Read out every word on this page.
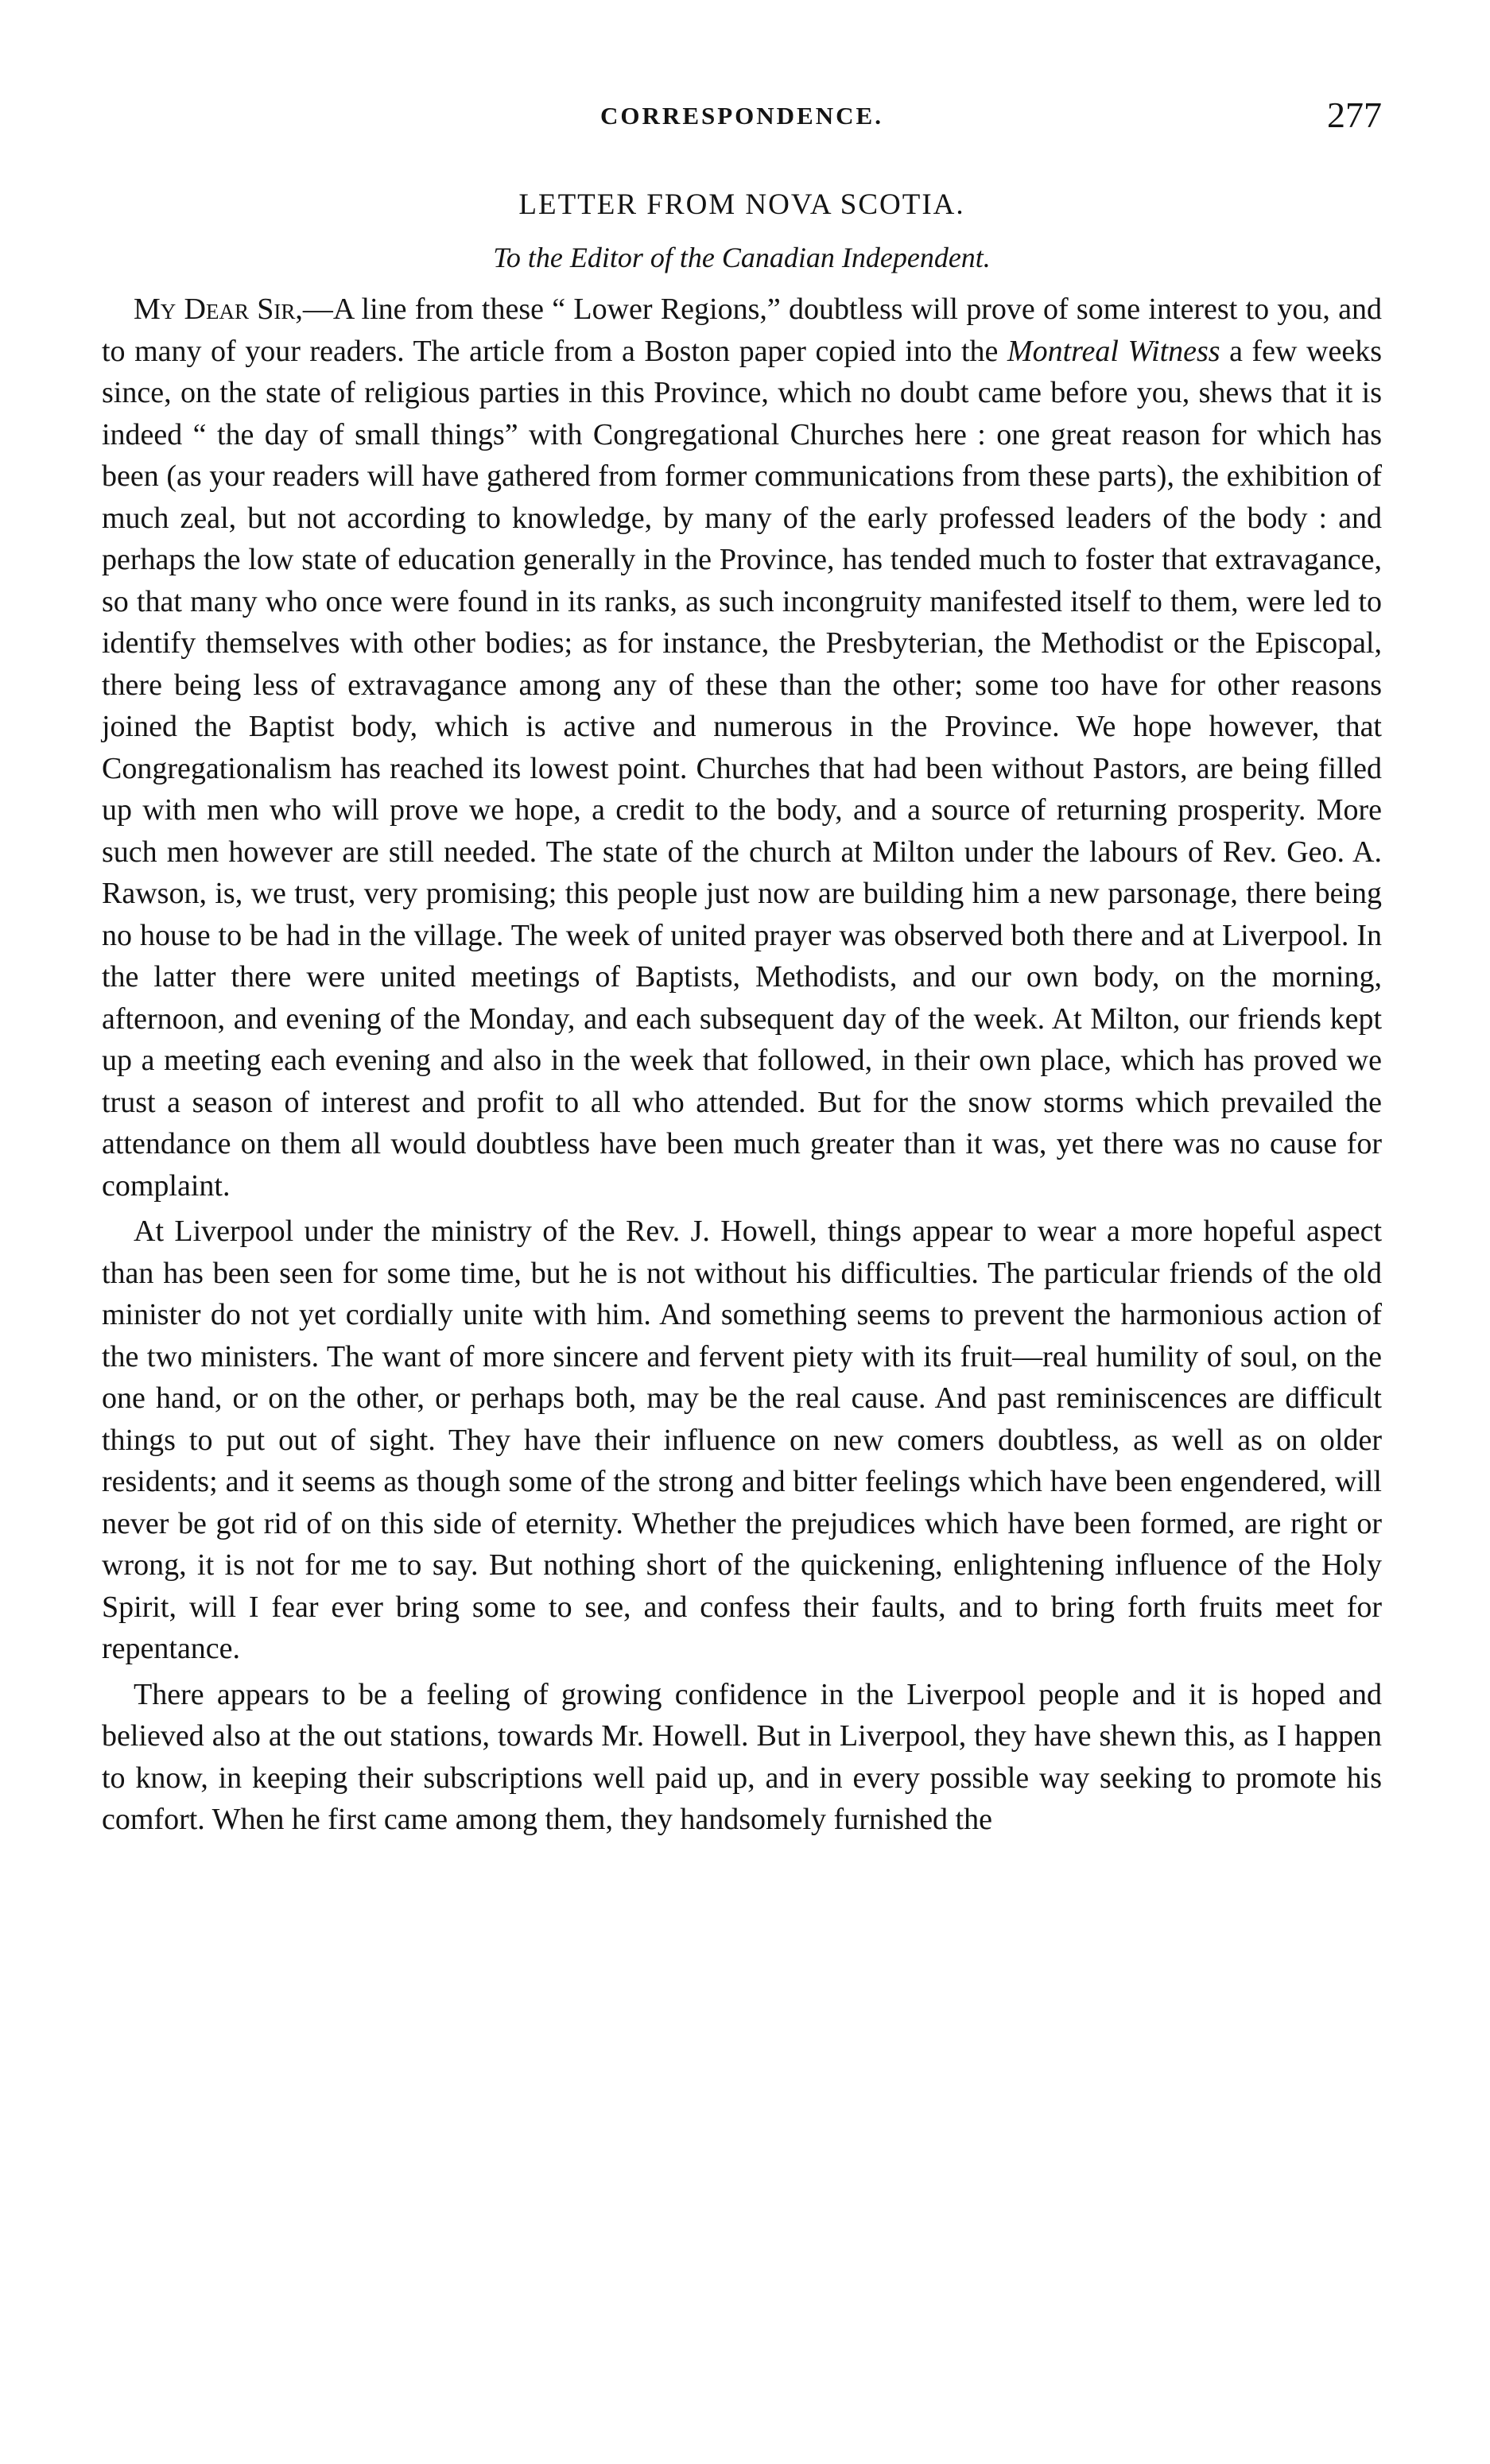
CORRESPONDENCE.	277
LETTER FROM NOVA SCOTIA.
To the Editor of the Canadian Independent.

My Dear Sir,—A line from these “ Lower Regions,” doubtless will prove of some interest to you, and to many of your readers. The article from a Boston paper copied into the Montreal Witness a few weeks since, on the state of religious parties in this Province, which no doubt came before you, shews that it is indeed “ the day of small things” with Congregational Churches here : one great reason for which has been (as your readers will have gathered from former communications from these parts), the exhibition of much zeal, but not according to knowledge, by many of the early professed leaders of the body : and perhaps the low state of education generally in the Province, has tended much to foster that extravagance, so that many who once were found in its ranks, as such incongruity manifested itself to them, were led to identify themselves with other bodies; as for instance, the Presbyterian, the Methodist or the Episcopal, there being less of extravagance among any of these than the other; some too have for other reasons joined the Baptist body, which is active and numerous in the Province. We hope however, that Congregationalism has reached its lowest point. Churches that had been without Pastors, are being filled up with men who will prove we hope, a credit to the body, and a source of returning prosperity. More such men however are still needed. The state of the church at Milton under the labours of Rev. Geo. A. Rawson, is, we trust, very promising; this people just now are building him a new parsonage, there being no house to be had in the village. The week of united prayer was observed both there and at Liverpool. In the latter there were united meetings of Baptists, Methodists, and our own body, on the morning, afternoon, and evening of the Monday, and each subsequent day of the week. At Milton, our friends kept up a meeting each evening and also in the week that followed, in their own place, which has proved we trust a season of interest and profit to all who attended. But for the snow storms which prevailed the attendance on them all would doubtless have been much greater than it was, yet there was no cause for complaint.

At Liverpool under the ministry of the Rev. J. Howell, things appear to wear a more hopeful aspect than has been seen for some time, but he is not without his difficulties. The particular friends of the old minister do not yet cordially unite with him. And something seems to prevent the harmonious action of the two ministers. The want of more sincere and fervent piety with its fruit—real humility of soul, on the one hand, or on the other, or perhaps both, may be the real cause. And past reminiscences are difficult things to put out of sight. They have their influence on new comers doubtless, as well as on older residents; and it seems as though some of the strong and bitter feelings which have been engendered, will never be got rid of on this side of eternity. Whether the prejudices which have been formed, are right or wrong, it is not for me to say. But nothing short of the quickening, enlightening influence of the Holy Spirit, will I fear ever bring some to see, and confess their faults, and to bring forth fruits meet for repentance.

There appears to be a feeling of growing confidence in the Liverpool people and it is hoped and believed also at the out stations, towards Mr. Howell. But in Liverpool, they have shewn this, as I happen to know, in keeping their subscriptions well paid up, and in every possible way seeking to promote his comfort. When he first came among them, they handsomely furnished the
